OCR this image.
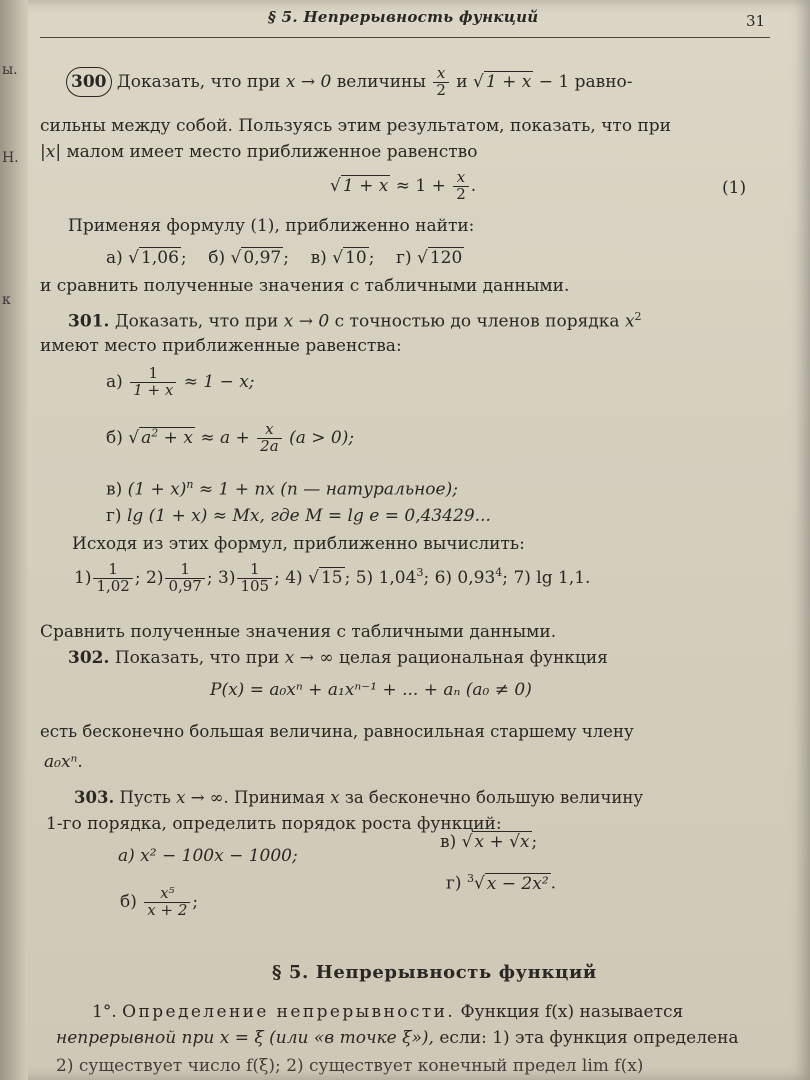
ы.
Н.
к
§ 5. Непрерывность функций	31
300 Доказать, что при x → 0 величины $\frac{x}{2}$ и √ 1 + x − 1 равно-
сильны между собой. Пользуясь этим результатом, показать, что при
|x| малом имеет место приближенное равенство
√ $1 + x \approx 1 + \frac{x}{2}$ .	(1)
Применяя формулу (1), приближенно найти:
а) √ 1,06 ; б) √ 0,97 ; в) √ 10 ; г) √ 120
и сравнить полученные значения с табличными данными.
301. Доказать, что при x → 0 с точностью до членов порядка $x^2$
имеют место приближенные равенства:
$а) \frac{1}{1 + x} \approx 1 - x$;
б) √ $a^2 + x \approx a + \frac{x}{2a} (a > 0)$;
в) $(1 + x)^n \approx 1$ + nx (n — натуральное);
г) lg (1 + x) ≈ Mx, где M = lg e = 0,43429...
Исходя из этих формул, приближенно вычислить:
$1) \frac{1}{1,02}$ ; $2) \frac{1}{0,97}$ ; $3) \frac{1}{105}$ ; 4) √ 15 ; 5) 1,04$^3$; 6) 0,93$^4$; 7) lg 1,1.
Сравнить полученные значения с табличными данными.
302. Показать, что при x → ∞ целая рациональная функция
P(x) = a₀xⁿ + a₁xⁿ⁻¹ + ... + aₙ (a₀ ≠ 0)
есть бесконечно большая величина, равносильная старшему члену
a₀xⁿ.
303. Пусть x → ∞. Принимая x за бесконечно большую величину
1-го порядка, определить порядок роста функций:
а) x² − 100x − 1000;
в) √ x + √x ;
$б) \frac{\text{x⁵}}{x + 2}$ ;
г) $^3$√ x − 2x² .
§ 5. Непрерывность функций
1°. Определение непрерывности. Функция f(x) называется
непрерывной при x = ξ (или «в точке ξ»), если: 1) эта функция определена
2) существует число f(ξ); 2) существует конечный предел lim f(x)
